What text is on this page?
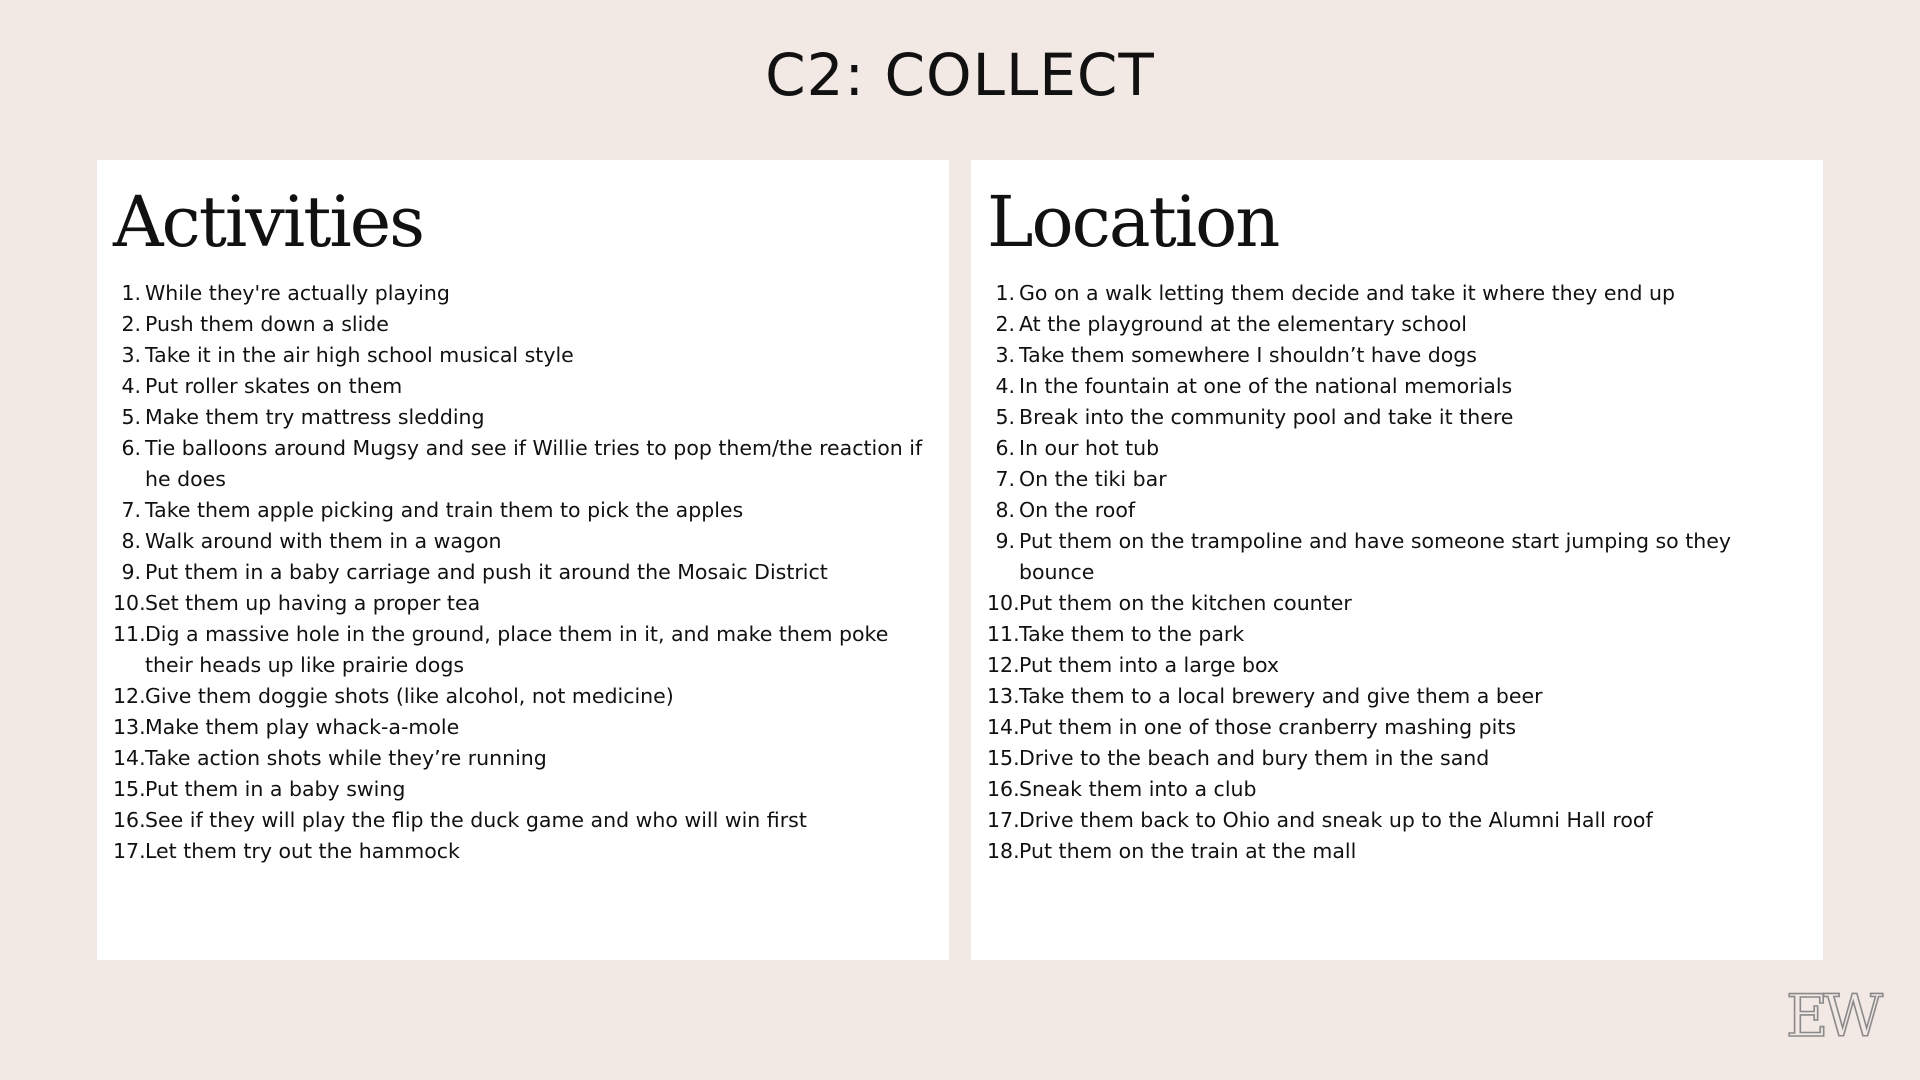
C2: COLLECT
Activities
1. While they're actually playing
2. Push them down a slide
3. Take it in the air high school musical style
4. Put roller skates on them
5. Make them try mattress sledding
6. Tie balloons around Mugsy and see if Willie tries to pop them/the reaction if he does
7. Take them apple picking and train them to pick the apples
8. Walk around with them in a wagon
9. Put them in a baby carriage and push it around the Mosaic District
10. Set them up having a proper tea
11. Dig a massive hole in the ground, place them in it, and make them poke their heads up like prairie dogs
12. Give them doggie shots (like alcohol, not medicine)
13. Make them play whack-a-mole
14. Take action shots while they’re running
15. Put them in a baby swing
16. See if they will play the flip the duck game and who will win first
17. Let them try out the hammock
Location
1. Go on a walk letting them decide and take it where they end up
2. At the playground at the elementary school
3. Take them somewhere I shouldn’t have dogs
4. In the fountain at one of the national memorials
5. Break into the community pool and take it there
6. In our hot tub
7. On the tiki bar
8. On the roof
9. Put them on the trampoline and have someone start jumping so they bounce
10. Put them on the kitchen counter
11. Take them to the park
12. Put them into a large box
13. Take them to a local brewery and give them a beer
14. Put them in one of those cranberry mashing pits
15. Drive to the beach and bury them in the sand
16. Sneak them into a club
17. Drive them back to Ohio and sneak up to the Alumni Hall roof
18. Put them on the train at the mall
EW
